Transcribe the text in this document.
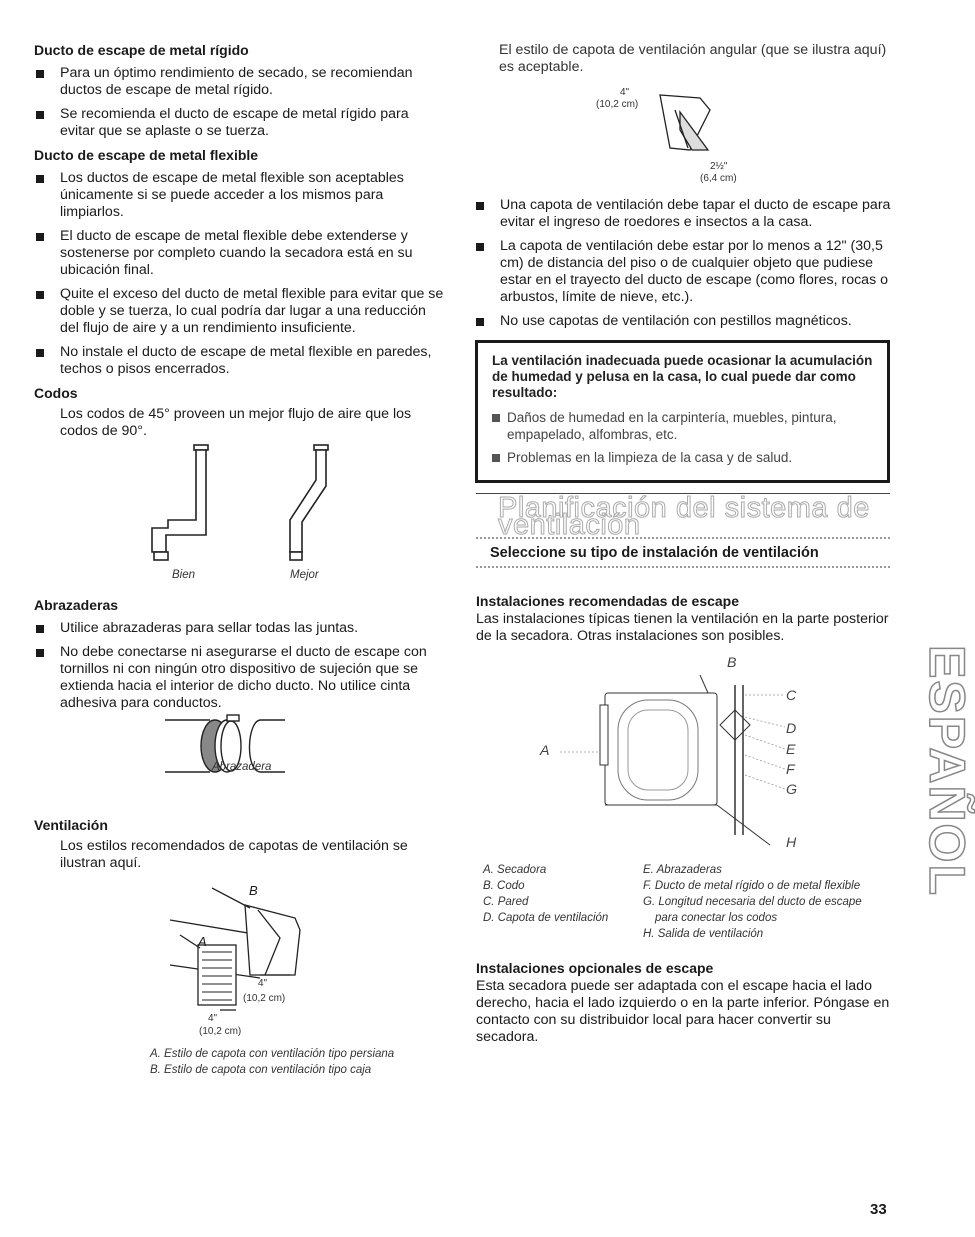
Ducto de escape de metal rígido

Para un óptimo rendimiento de secado, se recomiendan ductos de escape de metal rígido.
Se recomienda el ducto de escape de metal rígido para evitar que se aplaste o se tuerza.

Ducto de escape de metal flexible

Los ductos de escape de metal flexible son aceptables únicamente si se puede acceder a los mismos para limpiarlos.
El ducto de escape de metal flexible debe extenderse y sostenerse por completo cuando la secadora está en su ubicación final.
Quite el exceso del ducto de metal flexible para evitar que se doble y se tuerza, lo cual podría dar lugar a una reducción del flujo de aire y a un rendimiento insuficiente.
No instale el ducto de escape de metal flexible en paredes, techos o pisos encerrados.

Codos

Los codos de 45° proveen un mejor flujo de aire que los codos de 90°.

Bien	Mejor

Abrazaderas

Utilice abrazaderas para sellar todas las juntas.
No debe conectarse ni asegurarse el ducto de escape con tornillos ni con ningún otro dispositivo de sujeción que se extienda hacia el interior de dicho ducto. No utilice cinta adhesiva para conductos.
Abrazadera

Ventilación

Los estilos recomendados de capotas de ventilación se ilustran aquí.

B
A
4"
(10,2 cm)
4"
(10,2 cm)
A. Estilo de capota con ventilación tipo persiana
B. Estilo de capota con ventilación tipo caja
El estilo de capota de ventilación angular (que se ilustra aquí) es aceptable.
4"
(10,2 cm)
2½"
(6,4 cm)
Una capota de ventilación debe tapar el ducto de escape para evitar el ingreso de roedores e insectos a la casa.
La capota de ventilación debe estar por lo menos a 12" (30,5 cm) de distancia del piso o de cualquier objeto que pudiese estar en el trayecto del ducto de escape (como flores, rocas o arbustos, límite de nieve, etc.).
No use capotas de ventilación con pestillos magnéticos.
La ventilación inadecuada puede ocasionar la acumulación de humedad y pelusa en la casa, lo cual puede dar como resultado:
Daños de humedad en la carpintería, muebles, pintura, empapelado, alfombras, etc.
Problemas en la limpieza de la casa y de salud.
Planificación del sistema de ventilación
Seleccione su tipo de instalación de ventilación

Instalaciones recomendadas de escape

Las instalaciones típicas tienen la ventilación en la parte posterior de la secadora. Otras instalaciones son posibles.

B
C
D
E
F
G
A
H
A. Secadora	E. Abrazaderas
B. Codo	F. Ducto de metal rígido o de metal flexible
C. Pared	G. Longitud necesaria del ducto de escape
D. Capota de ventilación	para conectar los codos
H. Salida de ventilación

Instalaciones opcionales de escape

Esta secadora puede ser adaptada con el escape hacia el lado derecho, hacia el lado izquierdo o en la parte inferior. Póngase en contacto con su distribuidor local para hacer convertir su secadora.

ESPAÑOL
33
